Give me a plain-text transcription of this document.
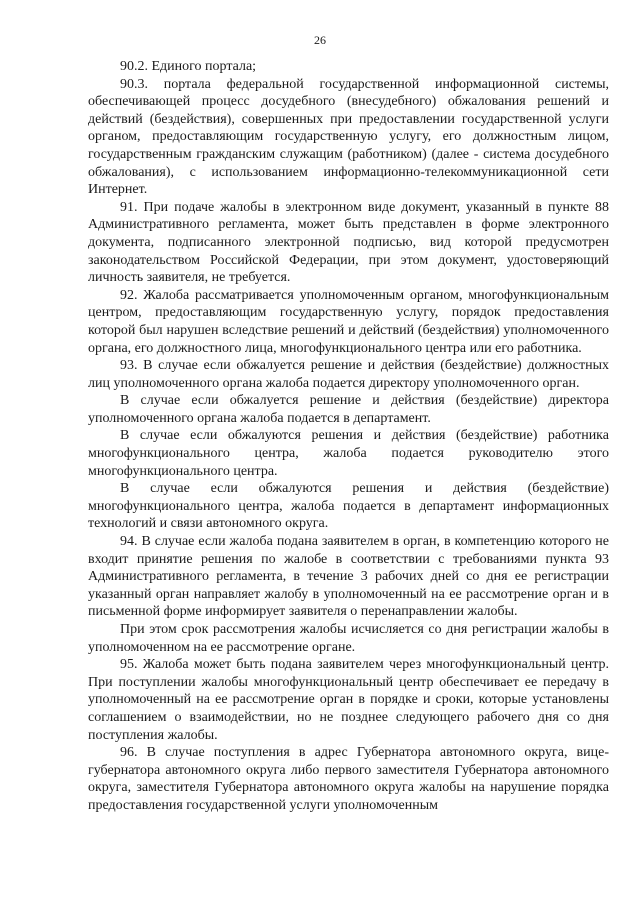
26

90.2. Единого портала;

90.3. портала федеральной государственной информационной системы, обеспечивающей процесс досудебного (внесудебного) обжалования решений и действий (бездействия), совершенных при предоставлении государственной услуги органом, предоставляющим государственную услугу, его должностным лицом, государственным гражданским служащим (работником) (далее - система досудебного обжалования), с использованием информационно-телекоммуникационной сети Интернет.

91. При подаче жалобы в электронном виде документ, указанный в пункте 88 Административного регламента, может быть представлен в форме электронного документа, подписанного электронной подписью, вид которой предусмотрен законодательством Российской Федерации, при этом документ, удостоверяющий личность заявителя, не требуется.

92. Жалоба рассматривается уполномоченным органом, многофункциональным центром, предоставляющим государственную услугу, порядок предоставления которой был нарушен вследствие решений и действий (бездействия) уполномоченного органа, его должностного лица, многофункционального центра или его работника.

93. В случае если обжалуется решение и действия (бездействие) должностных лиц уполномоченного органа жалоба подается директору уполномоченного орган.

В случае если обжалуется решение и действия (бездействие) директора уполномоченного органа жалоба подается в департамент.

В случае если обжалуются решения и действия (бездействие) работника многофункционального центра, жалоба подается руководителю этого многофункционального центра.

В случае если обжалуются решения и действия (бездействие) многофункционального центра, жалоба подается в департамент информационных технологий и связи автономного округа.

94. В случае если жалоба подана заявителем в орган, в компетенцию которого не входит принятие решения по жалобе в соответствии с требованиями пункта 93 Административного регламента, в течение 3 рабочих дней со дня ее регистрации указанный орган направляет жалобу в уполномоченный на ее рассмотрение орган и в письменной форме информирует заявителя о перенаправлении жалобы.

При этом срок рассмотрения жалобы исчисляется со дня регистрации жалобы в уполномоченном на ее рассмотрение органе.

95. Жалоба может быть подана заявителем через многофункциональный центр. При поступлении жалобы многофункциональный центр обеспечивает ее передачу в уполномоченный на ее рассмотрение орган в порядке и сроки, которые установлены соглашением о взаимодействии, но не позднее следующего рабочего дня со дня поступления жалобы.

96. В случае поступления в адрес Губернатора автономного округа, вице-губернатора автономного округа либо первого заместителя Губернатора автономного округа, заместителя Губернатора автономного округа жалобы на нарушение порядка предоставления государственной услуги уполномоченным
